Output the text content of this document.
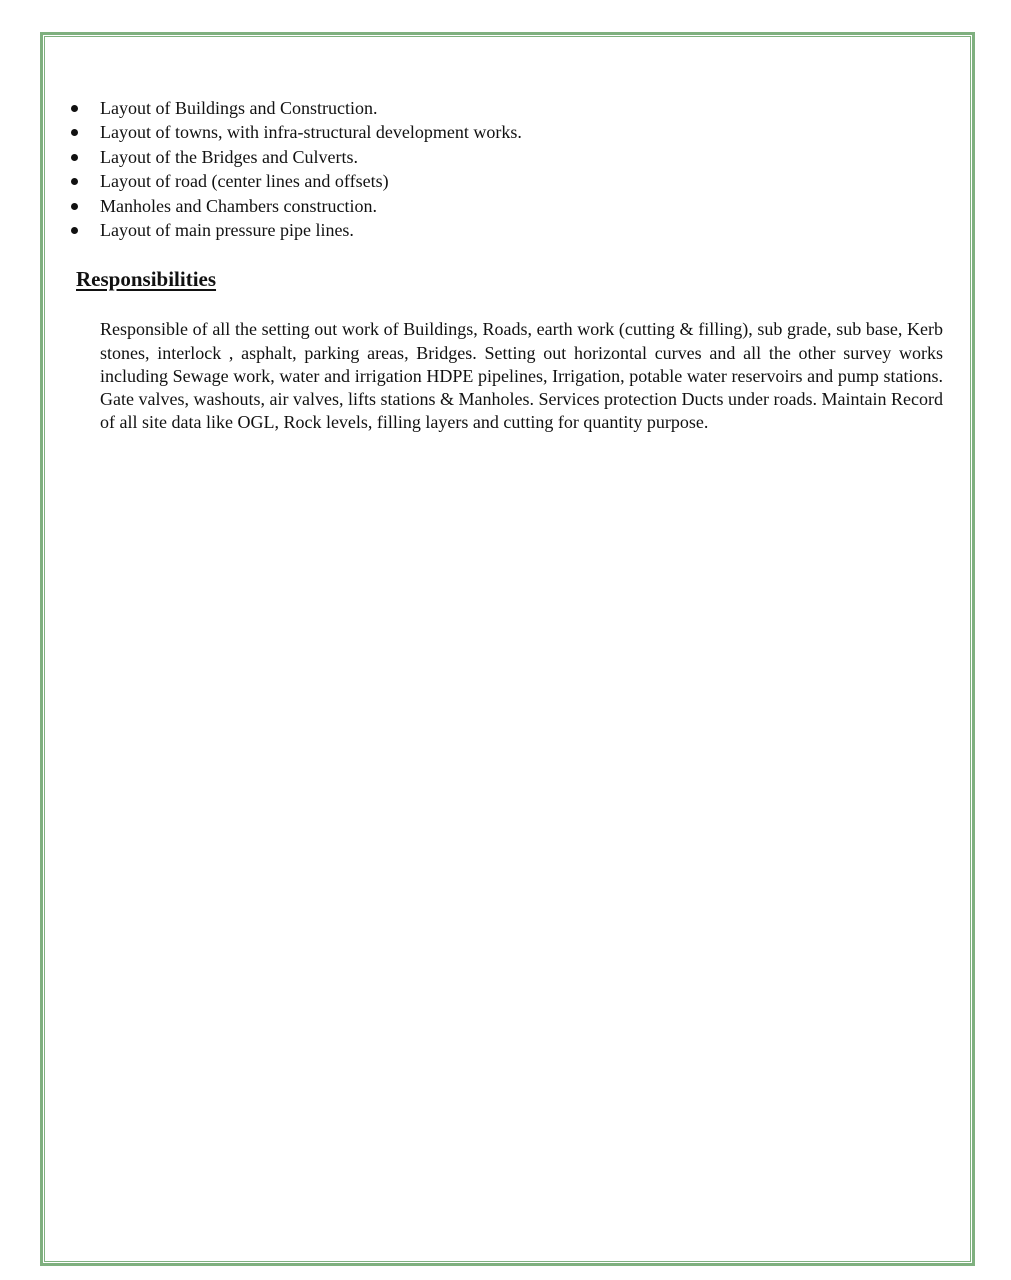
Layout of Buildings and Construction.
Layout of towns, with infra-structural development works.
Layout of the Bridges and Culverts.
Layout of road (center lines and offsets)
Manholes and Chambers construction.
Layout of main pressure pipe lines.
Responsibilities

Responsible of all the setting out work of Buildings, Roads, earth work (cutting & filling), sub grade, sub base, Kerb stones, interlock , asphalt, parking areas, Bridges. Setting out horizontal curves and all the other survey works including Sewage work, water and irrigation HDPE pipelines, Irrigation, potable water reservoirs and pump stations. Gate valves, washouts, air valves, lifts stations & Manholes. Services protection Ducts under roads. Maintain Record of all site data like OGL, Rock levels, filling layers and cutting for quantity purpose.
